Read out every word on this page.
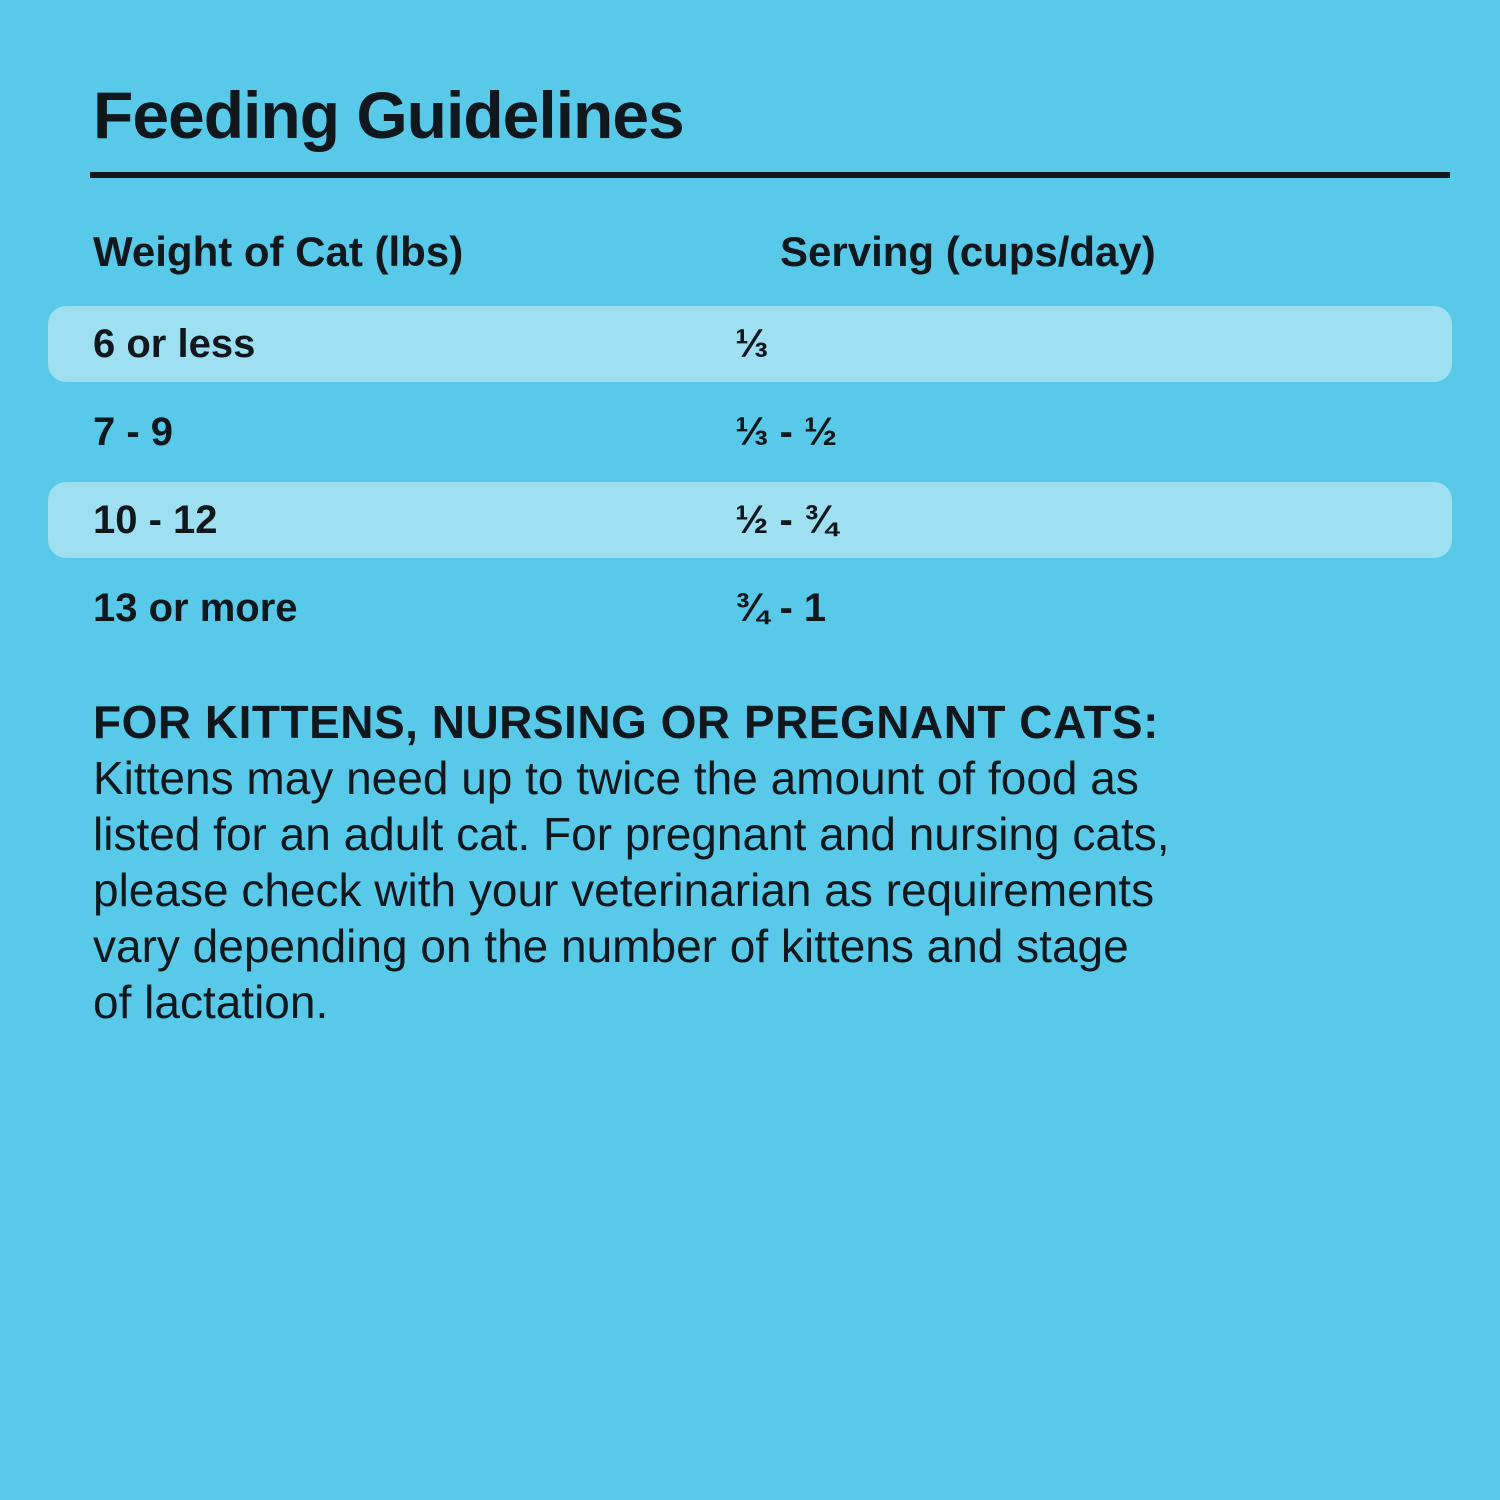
Feeding Guidelines
Weight of Cat (lbs)	Serving (cups/day)
6 or less	⅓
7 - 9	⅓ - ½
10 - 12	½ - ¾
13 or more	¾ - 1
FOR KITTENS, NURSING OR PREGNANT CATS:
Kittens may need up to twice the amount of food as
listed for an adult cat. For pregnant and nursing cats,
please check with your veterinarian as requirements
vary depending on the number of kittens and stage
of lactation.
